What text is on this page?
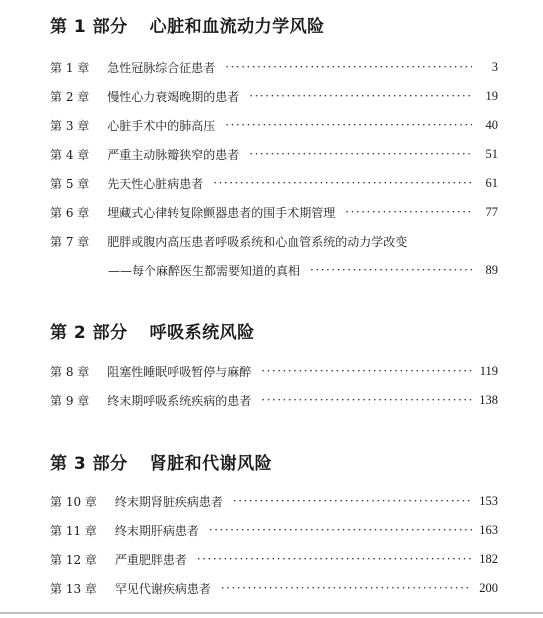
第 1 部分 心脏和血流动力学风险
第 1 章 急性冠脉综合征患者 ·····	3
第 2 章 慢性心力衰竭晚期的患者 ·····	19
第 3 章 心脏手术中的肺高压 ·····	40
第 4 章 严重主动脉瓣狭窄的患者 ·····	51
第 5 章 先天性心脏病患者 ·····	61
第 6 章 埋藏式心律转复除颤器患者的围手术期管理 ·····	77
第 7 章 肥胖或腹内高压患者呼吸系统和心血管系统的动力学改变
——每个麻醉医生都需要知道的真相 ·····	89
第 2 部分 呼吸系统风险
第 8 章 阻塞性睡眠呼吸暂停与麻醉 ·····	119
第 9 章 终末期呼吸系统疾病的患者 ·····	138
第 3 部分 肾脏和代谢风险
第 10 章 终末期肾脏疾病患者 ·····	153
第 11 章 终末期肝病患者 ·····	163
第 12 章 严重肥胖患者 ·····	182
第 13 章 罕见代谢疾病患者 ·····	200
